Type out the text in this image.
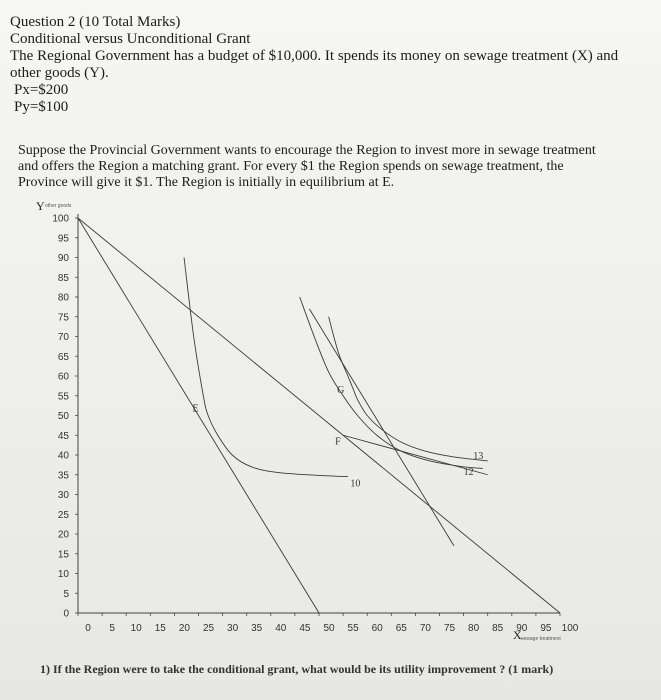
Question 2 (10 Total Marks)
Conditional versus Unconditional Grant
The Regional Government has a budget of $10,000. It spends its money on sewage treatment (X) and
other goods (Y).
Px=$200
Py=$100
Suppose the Provincial Government wants to encourage the Region to invest more in sewage treatment
and offers the Region a matching grant. For every $1 the Region spends on sewage treatment, the
Province will give it $1. The Region is initially in equilibrium at E.
100
95
90
85
80
75
70
65
60
55
50
45
40
35
30
25
20
15
10
5
0
0 5 10 15 20 25 30 35 40 45 50 55 60 65 70 75 80 85 90 95 100
Y other goods
X sewage treatment
E
G
F
10
13
12
1) If the Region were to take the conditional grant, what would be its utility improvement ? (1 mark)
